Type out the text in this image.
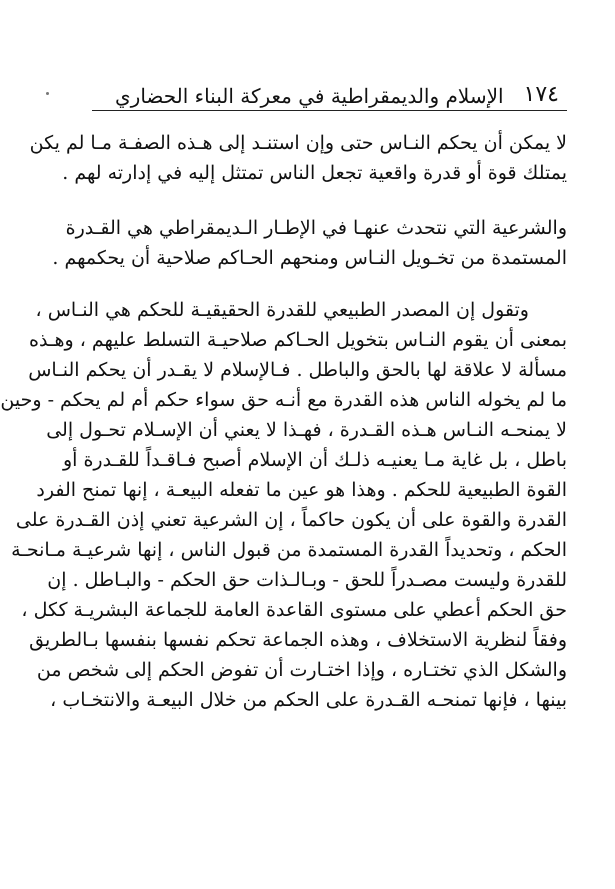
١٧٤
الإسلام والديمقراطية في معركة البناء الحضاري
لا يمكن أن يحكم النـاس حتى وإن استنـد إلى هـذه الصفـة مـا لم يكن
يمتلك قوة أو قدرة واقعية تجعل الناس تمتثل إليه في إدارته لهم .
والشرعية التي نتحدث عنهـا في الإطـار الـديمقراطي هي القـدرة
المستمدة من تخـويل النـاس ومنحهم الحـاكم صلاحية أن يحكمهم .
وتقول إن المصدر الطبيعي للقدرة الحقيقيـة للحكم هي النـاس ،
بمعنى أن يقوم النـاس بتخويل الحـاكم صلاحيـة التسلط عليهم ، وهـذه
مسألة لا علاقة لها بالحق والباطل . فـالإسلام لا يقـدر أن يحكم النـاس
ما لم يخوله الناس هذه القدرة مع أنـه حق سواء حكم أم لم يحكم - وحين
لا يمنحـه النـاس هـذه القـدرة ، فهـذا لا يعني أن الإسـلام تحـول إلى
باطل ، بل غاية مـا يعنيـه ذلـك أن الإسلام أصبح فـاقـداً للقـدرة أو
القوة الطبيعية للحكم . وهذا هو عين ما تفعله البيعـة ، إنها تمنح الفرد
القدرة والقوة على أن يكون حاكماً ، إن الشرعية تعني إذن القـدرة على
الحكم ، وتحديداً القدرة المستمدة من قبول الناس ، إنها شرعيـة مـانحـة
للقدرة وليست مصـدراً للحق - وبـالـذات حق الحكم - والبـاطل . إن
حق الحكم أعطي على مستوى القاعدة العامة للجماعة البشريـة ككل ،
وفقاً لنظرية الاستخلاف ، وهذه الجماعة تحكم نفسها بنفسها بـالطريق
والشكل الذي تختـاره ، وإذا اختـارت أن تفوض الحكم إلى شخص من
بينها ، فإنها تمنحـه القـدرة على الحكم من خلال البيعـة والانتخـاب ،
